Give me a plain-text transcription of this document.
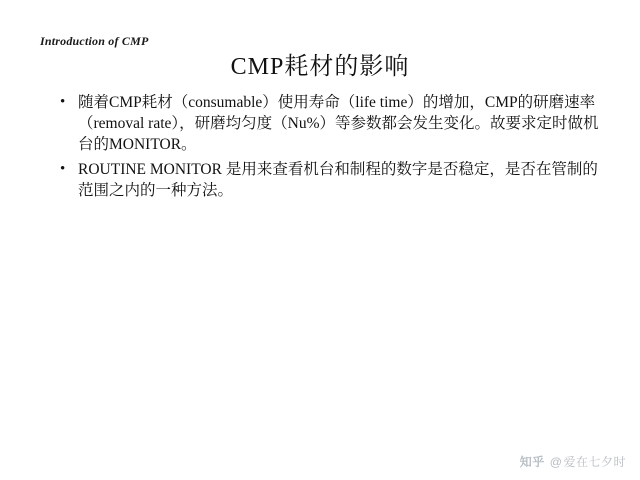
Introduction of CMP
CMP耗材的影响
• 随着CMP耗材（consumable）使用寿命（life time）的增加，CMP的研磨速率（removal rate），研磨均匀度（Nu%）等参数都会发生变化。故要求定时做机台的MONITOR。
• ROUTINE MONITOR 是用来查看机台和制程的数字是否稳定，是否在管制的范围之内的一种方法。
知乎 @ 爱在七夕时
